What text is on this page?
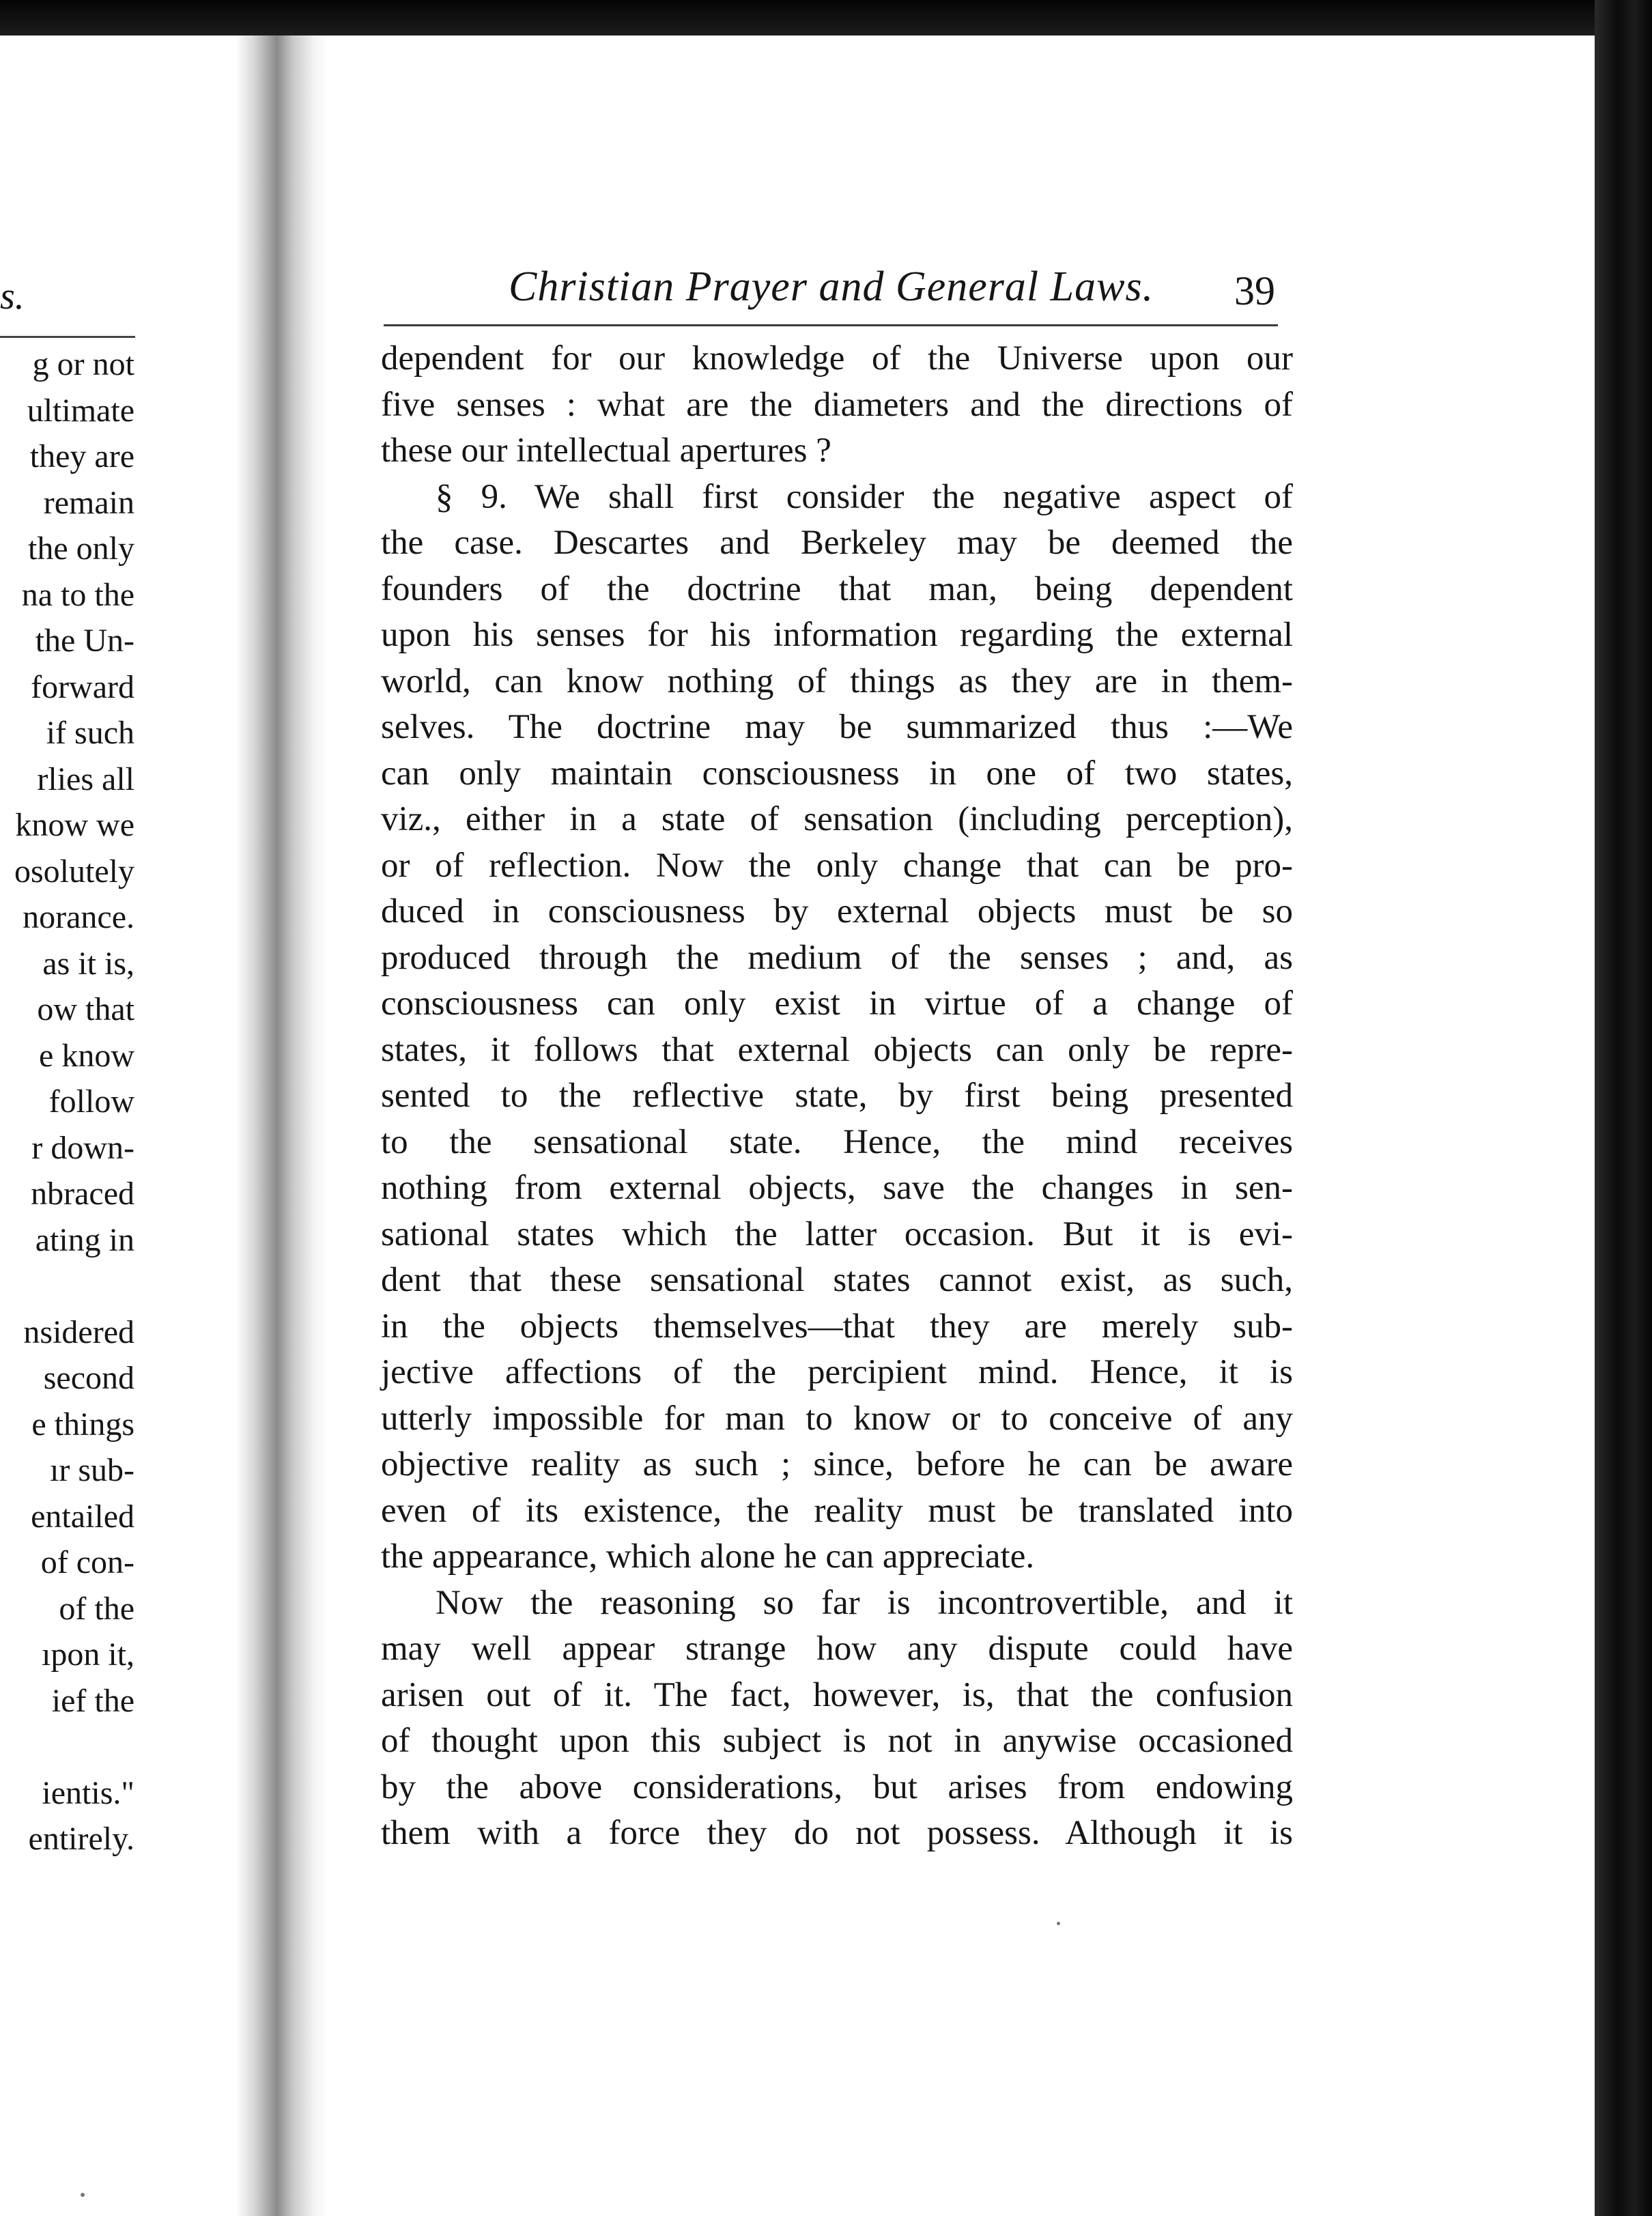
s.
g or not
ultimate
they are
remain
the only
na to the
the Un-
forward
if such
rlies all
know we
osolutely
norance.
as it is,
ow that
e know
follow
r down-
nbraced
ating in
nsidered
second
e things
ır sub-
entailed
of con-
of the
ıpon it,
ief the
ientis."
entirely.
Christian Prayer and General Laws. 39
dependent for our knowledge of the Universe upon our
five senses : what are the diameters and the directions of
these our intellectual apertures ?
§ 9. We shall first consider the negative aspect of
the case. Descartes and Berkeley may be deemed the
founders of the doctrine that man, being dependent
upon his senses for his information regarding the external
world, can know nothing of things as they are in them-
selves. The doctrine may be summarized thus :—We
can only maintain consciousness in one of two states,
viz., either in a state of sensation (including perception),
or of reflection. Now the only change that can be pro-
duced in consciousness by external objects must be so
produced through the medium of the senses ; and, as
consciousness can only exist in virtue of a change of
states, it follows that external objects can only be repre-
sented to the reflective state, by first being presented
to the sensational state. Hence, the mind receives
nothing from external objects, save the changes in sen-
sational states which the latter occasion. But it is evi-
dent that these sensational states cannot exist, as such,
in the objects themselves—that they are merely sub-
jective affections of the percipient mind. Hence, it is
utterly impossible for man to know or to conceive of any
objective reality as such ; since, before he can be aware
even of its existence, the reality must be translated into
the appearance, which alone he can appreciate.
Now the reasoning so far is incontrovertible, and it
may well appear strange how any dispute could have
arisen out of it. The fact, however, is, that the confusion
of thought upon this subject is not in anywise occasioned
by the above considerations, but arises from endowing
them with a force they do not possess. Although it is
